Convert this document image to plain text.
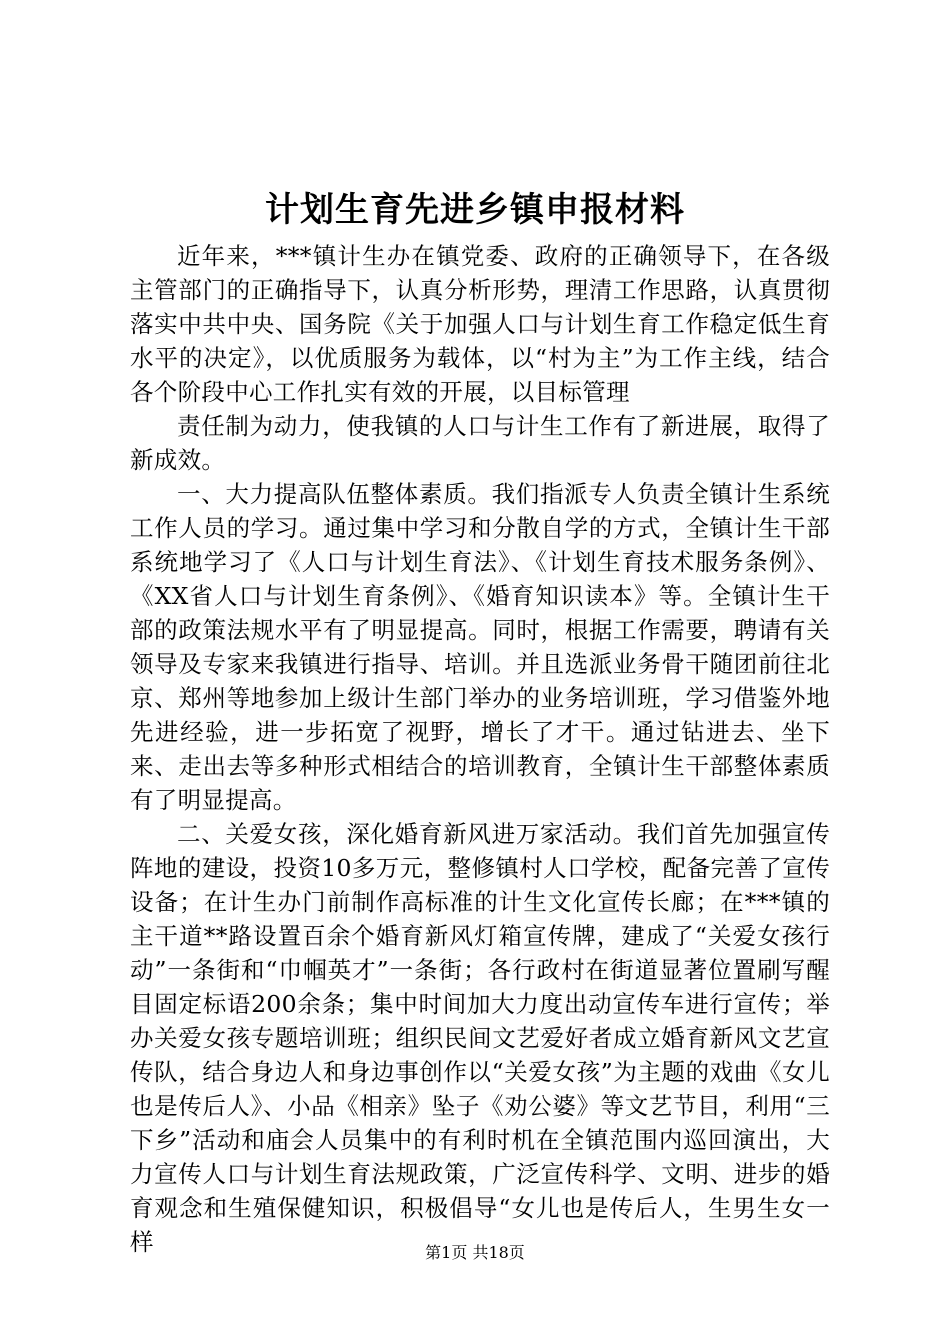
计划生育先进乡镇申报材料

近年来，***镇计生办在镇党委、政府的正确领导下，在各级主管部门的正确指导下，认真分析形势，理清工作思路，认真贯彻落实中共中央、国务院《关于加强人口与计划生育工作稳定低生育水平的决定》，以优质服务为载体，以“村为主”为工作主线，结合各个阶段中心工作扎实有效的开展，以目标管理

责任制为动力，使我镇的人口与计生工作有了新进展，取得了新成效。

一、大力提高队伍整体素质。我们指派专人负责全镇计生系统工作人员的学习。通过集中学习和分散自学的方式，全镇计生干部系统地学习了《人口与计划生育法》、《计划生育技术服务条例》、《XX省人口与计划生育条例》、《婚育知识读本》等。全镇计生干部的政策法规水平有了明显提高。同时，根据工作需要，聘请有关领导及专家来我镇进行指导、培训。并且选派业务骨干随团前往北京、郑州等地参加上级计生部门举办的业务培训班，学习借鉴外地先进经验，进一步拓宽了视野，增长了才干。通过钻进去、坐下来、走出去等多种形式相结合的培训教育，全镇计生干部整体素质有了明显提高。

二、关爱女孩，深化婚育新风进万家活动。我们首先加强宣传阵地的建设，投资10多万元，整修镇村人口学校，配备完善了宣传设备；在计生办门前制作高标准的计生文化宣传长廊；在***镇的主干道**路设置百余个婚育新风灯箱宣传牌，建成了“关爱女孩行动”一条街和“巾帼英才”一条街；各行政村在街道显著位置刷写醒目固定标语200余条；集中时间加大力度出动宣传车进行宣传；举办关爱女孩专题培训班；组织民间文艺爱好者成立婚育新风文艺宣传队，结合身边人和身边事创作以“关爱女孩”为主题的戏曲《女儿也是传后人》、小品《相亲》坠子《劝公婆》等文艺节目，利用“三下乡”活动和庙会人员集中的有利时机在全镇范围内巡回演出，大力宣传人口与计划生育法规政策，广泛宣传科学、文明、进步的婚育观念和生殖保健知识，积极倡导“女儿也是传后人，生男生女一样	第1页 共18页
